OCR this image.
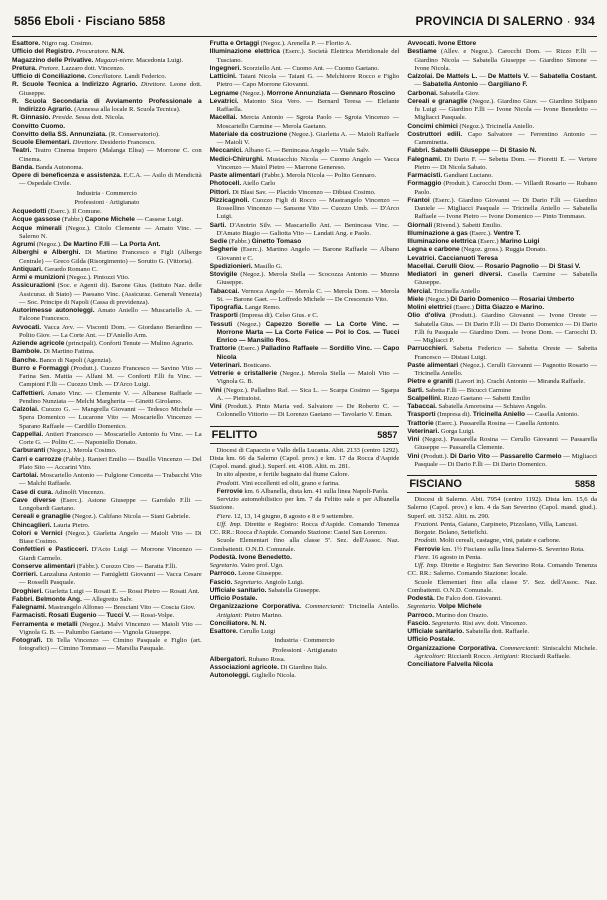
5856 Eboli · Fisciano 5858	PROVINCIA DI SALERNO · 934

Esattore. Nigro rag. Cosimo.

Ufficio del Registro. Procuratore. N.N.

Magazzino delle Privative. Magazzi-niere. Macedonia Luigi.

Pretura. Pretore. Lazzaro dott. Vincenzo.

Ufficio di Conciliazione. Conciliatore. Landi Federico.

R. Scuole Tecnica a Indirizzo Agrario. Direttore. Leone dott. Giuseppe.

R. Scuola Secondaria di Avviamento Professionale a Indirizzo Agrario. (Annessa alla locale R. Scuola Tecnica).

R. Ginnasio. Preside. Sessa dott. Nicola.

Convitto Cuomo.

Convitto della SS. Annunziata. (R. Conservatorio).

Scuole Elementari. Direttore. Desiderio Francesco.

Teatri. Teatro Cinema Impero (Malanga Elisa) — Morrone C. con Cinema.

Banda. Banda Autonoma.

Opere di beneficenza e assistenza. E.C.A. — Asilo di Mendicità — Ospedale Civile.

Industria · Commercio

Professioni · Artigianato

Acquedotti (Eserc.). Il Comune.

Acque gassose (Fabbr.) Capone Michele — Cassese Luigi.

Acque minerali (Negoz.). Citolo Clemente — Amato Vinc. — Salerno N.

Agrumi (Negoz.). De Martino F.lli — La Porta Ant.

Alberghi e Alberghi. Di Martino Francesco e Figli (Albergo Centrale) — Greco Gilda (Risorgimento) — Sorutto G. (Vittoria).

Antiquari. Gerardo Romano C.

Armi e munizioni (Negoz.). Pintozzi Vito.

Assicurazioni (Soc. e Agenti di). Barone Gius. (Istituto Naz. delle Assicuraz. di Stato) — Paesano Vinc. (Assicuraz. Generali Venezia) — Soc. Principe di Napoli (Cassa di previdenza).

Autorimesse autonoleggi. Amato Aniello — Muscariello A. — Falcone Francesco.

Avvocati. Vacca Avv. — Visconti Dom. — Giordano Berardino — Polito Giov. — La Corte Ant. — D'Aniello Arm.

Aziende agricole (principali). Conforti Tenute — Mulino Agrario.

Bambole. Di Martino Fatima.

Banche. Banco di Napoli (Agenzia).

Burro e Formaggi (Produtt.). Cuozzo Francesco — Savino Vito — Farina Sen. Mattia — Alfani M. — Conforti F.lli fu Vinc. — Campioni F.lli — Cuozzo Umb. — D'Arco Luigi.

Caffettieri. Amato Vinc. — Clemente V. — Albanese Raffaele — Pendino Nunziata — Melchi Margherita — Ginetti Girolamo.

Calzolai. Cuozzo G. — Mangrella Giovanni — Tedesco Michele — Spera Domenico — Lucarone Vito — Moscariello Vincenzo — Sparano Raffaele — Cardillo Domenico.

Cappellai. Antieri Francesco — Moscariello Antonio fu Vinc. — La Corte G. — Polito C. — Naponiello Donato.

Carburanti (Negoz.). Merola Cosimo.

Carri e carrozze (Fabbr.). Ranieri Emilio — Busillo Vincenzo — Del Plato Sito — Accarini Vito.

Cartolai. Moscariello Antonio — Fulgione Concetta — Trabacchi Vito — Malchi Raffaele.

Case di cura. Adinolfi Vincenzo.

Cave diverse (Eserc.). Astone Giuseppe — Garofalo F.lli — Longobardi Gaetano.

Cereali e granaglie (Negoz.). Califano Nicola — Siani Gabriele.

Chincaglieri. Lauria Pietro.

Colori e Vernici (Negoz.). Giarletta Angelo — Maioli Vito — Di Biase Cosimo.

Confettieri e Pasticceri. D'Acto Luigi — Morrone Vincenzo — Giardi Carmelo.

Conserve alimentari (Fabbr.). Cuozzo Ciro — Baratta F.lli.

Corrieri. Lanzaluna Antonio — Famigletti Giovanni — Vacca Cesare — Rosselli Pasquale.

Droghieri. Giarletta Luigi — Rosati E. — Rossi Pietro — Rosati Ant.

Fabbri. Belmonte Ang. — Allegretto Salv.

Falegnami. Mastrangelo Alfonso — Bresciani Vito — Coscia Giov.

Farmacisti. Rosati Eugenio — Tucci V. — Rossi-Volpe.

Ferramenta e metalli (Negoz.). Malvi Vincenzo — Maioli Vito — Vignola G. B. — Palumbo Gaetano — Vignola Giuseppe.

Fotografi. Di Tella Vincenzo — Cimino Pasquale e Figlio (art. fotografici) — Cimino Tommaso — Marsilia Pasquale.

Frutta e Ortaggi (Negoz.). Arenella P. — Florito A.

Illuminazione elettrica (Eserc.). Società Elettrica Meridionale del Tusciano.

Ingegneri. Scorziello Ant. — Cuomo Ant. — Cuomo Gaetano.

Latticini. Taiani Nicola — Taiani G. — Melchiorre Rocco e Figlio Pietro — Capo Morrone Giovanni.

Legname (Negoz.). Morrone Annunziata — Gennaro Roscino

Levatrici. Matonto Sica Vero. — Bernard Teresa — Elefante Raffaella.

Macellai. Mercia Antonio — Sgroia Paolo — Sgroia Vincenzo — Moscariello Carmine — Merola Gaetano.

Materiale da costruzione (Negoz.). Giarletta A. — Maioli Raffaele — Maioli V.

Meccanici. Albano G. — Benincasa Angelo — Vitale Salv.

Medici-Chirurghi. Mustacchio Nicola — Cuomo Angelo — Vacca Vincenzo — Maiol Pietro — Marrone Genereso.

Paste alimentari (Fabbr.). Merola Nicola — Polito Gennaro.

Photocell. Aiello Carlo

Pittori. Di Blasi Sav. — Placido Vincenzo — Dibiasi Cosimo.

Pizzicagnoli. Cuozzo Figli di Rocco — Mastrangelo Vincenzo — Rossellino Vincenzo — Sansone Vito — Cuozzo Umb. — D'Arco Luigi.

Sarti. D'Anotrio Silv. — Mascariello Ant. — Benincasa Vinc. — D'Amato Biagio — Galiotta Vito — Landati Ang. e Paolo.

Sedie (Fabbr.) Ginetto Tomaso

Segherie (Eserc.). Martino Angelo — Barone Raffaele — Albano Giovanni e C.

Spedizionieri. Masillo G.

Stovigile (Negoz.). Merola Stella — Scocozza Antonio — Munno Giuseppe.

Tabaccai. Vernoca Angelo — Merola C. — Merola Dom. — Merola St. — Barone Gaet. — Loffredo Michele — De Crescenzio Vito.

Tipografia. Lange Remo.

Trasporti (Impresa di). Celso Gius. e C.

Tessuti (Negoz.) Capezzo Sorelle — La Corte Vinc. — Morrone Marta — La Corte Felice — Pol lo Cos. — Tucci Enrico — Mansillo Ros.

Trattorie (Eserc.) Palladino Raffaele — Sordillo Vinc. — Capo Nicola

Veterinari. Bosticano.

Vetrerie e cristallerie (Negoz.). Merola Stella — Maioli Vito — Vignola G. B.

Vini (Negoz.). Palladino Raf. — Sica L. — Scarpa Cosimo — Sgarpa A. — Pietraioisi.

Vini (Produtt.). Pinto Maria ved. Salvatore — De Roberto C. — Colonnello Vittorio — Di Lorenzo Gaetano — Tavolario V. Eman.

FELITTO	5857

Diocesi di Capaccio e Vallo della Lucania. Abit. 2133 (centro 1292). Dista km. 66 da Salerno (Capol. prov.) e km. 17 da Rocca d'Aspide (Capol. mand. giud.). Superf. ett. 4108. Altit. m. 281.

In sito alpestre, e fertile bagnato dal fiume Calore.

Prodotti. Vini eccellenti ed olii, grano e farina.

Ferrovie km. 6 Albanella, dista km. 41 sulla linea Napoli-Paola.

Servizio automobilistico per km. 7 da Felitto sale e per Albanella Stazione.

Fiere. 12, 13, 14 giugno, 8 agosto e 8 e 9 settembre.

Uff. Imp. Direttte e Registro: Rocca d'Aspide. Comando Tenenza CC. RR.: Rocca d'Aspide. Comando Stazione: Castel San Lorenzo.

Scuole Elementari fino alla classe 5ª. Sez. dell'Assoc. Naz. Combattenti. O.N.D. Comunale.

Podestà. Ivone Benedetto.

Segretario. Vairo prof. Ugo.

Parroco. Leone Giuseppe.

Fascio. Segretario. Angiolo Luigi.

Ufficiale sanitario. Sabatella Giuseppe.

Ufficio Postale.

Organizzazione Corporativa. Commercianti: Tricinella Aniello. Artigiani: Pietro Marino.

Conciliatore. N. N.

Esattore. Cerullo Luigi

Industria · Commercio

Professioni · Artigianato

Albergatori. Rubano Rosa.

Associazioni agricole. Di Giardino Italo.

Autonoleggi. Gigliello Nicola.

Avvocati. Ivone Ettore

Bestiame (Allev. e Negoz.). Carocchi Dom. — Rizzo F.lli — Giardino Nicola — Sabatella Giuseppe — Giardino Simone — Ivone Nicola.

Calzolai. De Mattels L. — De Mattels V. — Sabatella Costant. — Sabatella Antonio — Gargiliano F.

Carbonai. Sabatella Giov.

Cereali e granaglie (Negoz.). Giardino Giuv. — Giardino Stilpano fu Luigi — Giardino F.lli — Ivone Nicola — Ivone Benedetto — Migliacci Pasquale.

Concimi chimici (Negoz.). Tricinella Aniello.

Costruttori edili. Capo Salvatore — Ferrentino Antonio — Camminetta.

Fabbri. Sabatelli Giuseppe — Di Stasio N.

Falegnami. Di Dario F. — Sebetta Dom. — Fioretti E. — Vertere Pietro — Di Nicola Sabato.

Farmacisti. Gandiani Luciano.

Formaggio (Produtt.). Carocchi Dom. — Villardi Rosario — Rubano Paolo.

Frantoi (Eserc.). Giardino Giovanni — Di Dario F.lli — Giardino Daniele — Migliacci Pasquale — Tricinella Aniello — Sabatella Raffaele — Ivone Pietro — Ivone Domenico — Pinto Tommaso.

Giornali (Rivend.). Sabetti Emilio.

Illuminazione a gas (Eserc.). Ventre T.

Illuminazione elettrica (Eserc.) Marino Luigi

Legna e carbone (Negoz. gross.). Ruggia Donato.

Levatrici. Caccianuoti Teresa

Macellai. Cerulli Giov. — Rosario Pagnolio — Di Stasi V.

Mediatori in generi diversi. Casella Carmine — Sabatella Giuseppe.

Mercial. Tricinella Aniello

Miele (Negoz.) Di Dario Domenico — Rosariai Umberto

Molini elettrici (Eserc.) Ditta Giazzo e Marino.

Olio d'oliva (Produtt.). Giardino Giovanni — Ivone Oreste — Sabatella Gius. — Di Dario F.lli — Di Dario Domenico — Di Dario F.lli fu Pasquale — Giardino Dom. — Ivone Dom. — Carocchi D. — Migliacci P.

Parrucchieri. Sabetta Federico — Sabetta Oreste — Sabetta Francesco — Distasi Luigi.

Paste alimentari (Negoz.). Cerulli Giovanni — Pagnotto Rosario — Tricinella Aniello.

Pietre e graniti (Lavori in). Crachi Antonio — Miranda Raffaele.

Sarti. Sabetta F.lli — Bicucci Carmine

Scalpellini. Rizzo Gaetano — Sabetti Emilio

Tabaccai. Sabatella Amorosina — Schiavo Angelo.

Trasporti (Impresa di). Tricinella Aniello — Casella Antonio.

Trattorie (Eserc.). Passarella Rosina — Casella Antonio.

Veterinari. Gorga Luigi.

Vini (Negoz.). Passarella Rosina — Cerullo Giovanni — Passarella Giuseppe — Passarella Clemente.

Vini (Produtt.). Di Dario Vito — Passarello Carmelo — Migliacci Pasquale — Di Dario F.lli — Di Dario Domenico.

FISCIANO	5858

Diocesi di Salerno. Abit. 7954 (centro 1192). Dista km. 15,6 da Salerno (Capol. prov.) e km. 4 da San Severino (Capol. mand. giud.). Superf. ett. 3152. Altit. m. 290.

Frazioni. Penta, Gaiano, Carpineto, Pizzolano, Villa, Lancusi.

Borgate. Bolano, Settefichi.

Prodotti. Molti cereali, castagne, vini, patate e carbone.

Ferrovie km. 1½ Fisciano sulla linea Salerno-S. Severino Rota.

Fiere. 16 agosto in Penta.

Uff. Imp. Dirette e Registro: San Severino Rota. Comando Tenenza CC. RR.: Salerno. Comando Stazione: locale.

Scuole Elementari fino alla classe 5ª. Sez. dell'Assoc. Naz. Combattenti. O.N.D. Comunale.

Podestà. De Falco dott. Giovanni.

Segretario. Volpe Michele

Parroco. Murino don Orazio.

Fascio. Segretario. Risi avv. dott. Vincenzo.

Ufficiale sanitario. Sabatella dott. Raffaele.

Ufficio Postale.

Organizzazione Corporativa. Commercianti: Siniscalchi Michele. Agricoltori: Ricciardi Rocco. Artigiani: Ricciardi Raffaele.

Conciliatore Falvella Nicola
